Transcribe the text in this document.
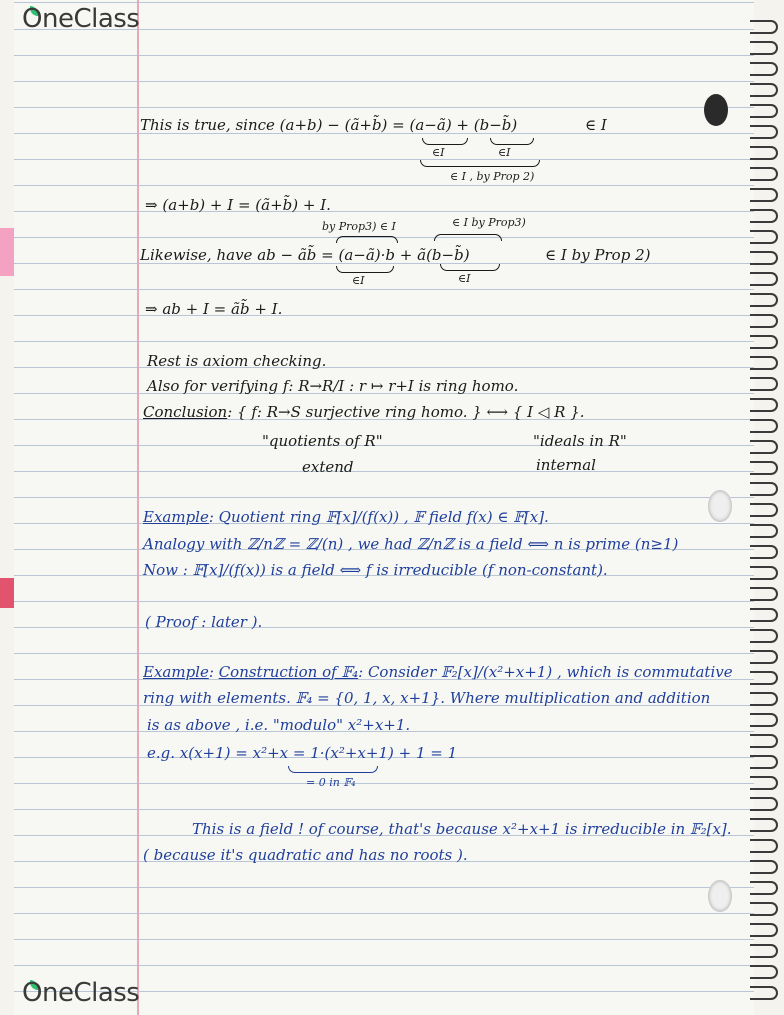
OneClass
OneClass
This is true, since (a+b) − (ã+b̃) = (a−ã) + (b−b̃)	∈ I
∈I	∈I
∈ I , by Prop 2)
⇒ (a+b) + I = (ã+b̃) + I.
by Prop3) ∈ I	∈ I by Prop3)
Likewise, have ab − ãb̃ = (a−ã)·b + ã(b−b̃)	∈ I by Prop 2)
∈I	∈I
⇒ ab + I = ãb̃ + I.
Rest is axiom checking.
Also for verifying f: R→R/I : r ↦ r+I is ring homo.
Conclusion: { f: R→S surjective ring homo. } ⟷ { I ◁ R }.
"quotients of R"	"ideals in R"
extend	internal
Example: Quotient ring 𝔽[x]/(f(x)) , 𝔽 field f(x) ∈ 𝔽[x].
Analogy with ℤ/nℤ = ℤ/(n) , we had ℤ/nℤ is a field ⟺ n is prime (n≥1)
Now : 𝔽[x]/(f(x)) is a field ⟺ f is irreducible (f non-constant).
( Proof : later ).
Example: Construction of 𝔽₄: Consider 𝔽₂[x]/(x²+x+1) , which is commutative
ring with elements. 𝔽₄ = {0, 1, x, x+1}. Where multiplication and addition
is as above , i.e. "modulo" x²+x+1.
e.g. x(x+1) = x²+x = 1·(x²+x+1) + 1 = 1
= 0 in 𝔽₄
This is a field ! of course, that's because x²+x+1 is irreducible in 𝔽₂[x].
( because it's quadratic and has no roots ).
